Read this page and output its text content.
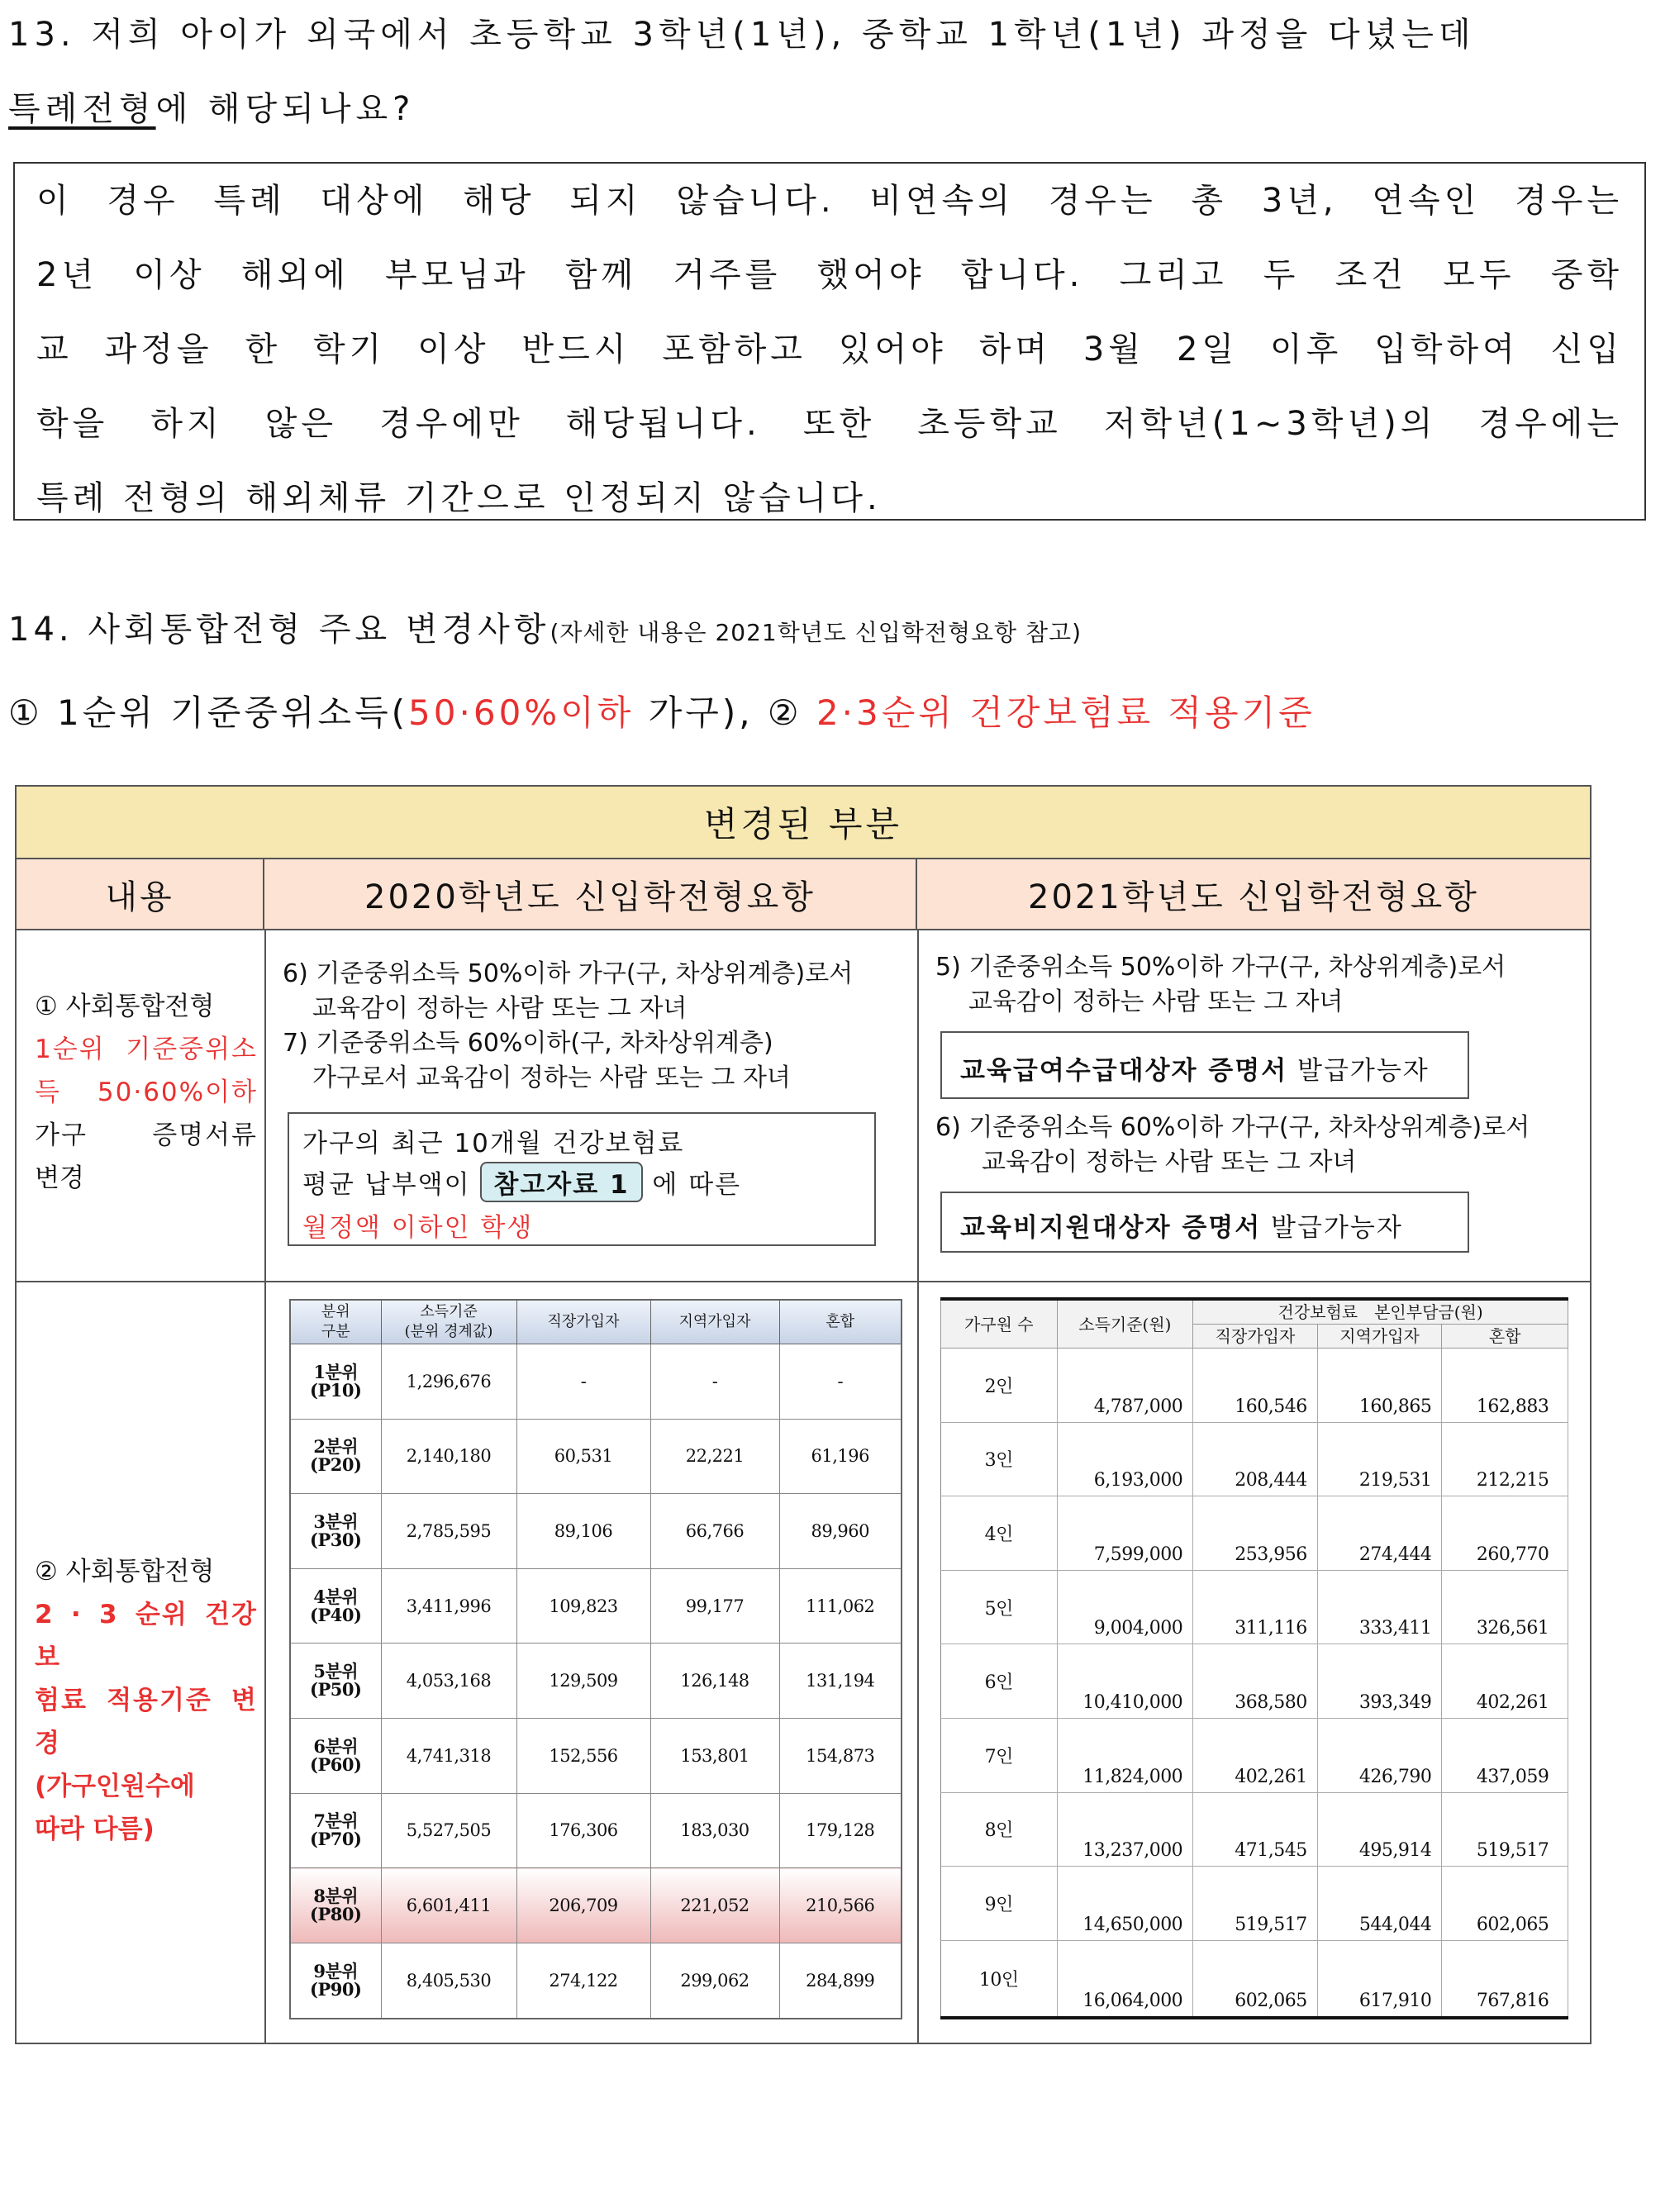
13. 저희 아이가 외국에서 초등학교 3학년(1년), 중학교 1학년(1년) 과정을 다녔는데
특례전형에 해당되나요?
이 경우 특례 대상에 해당 되지 않습니다. 비연속의 경우는 총 3년, 연속인 경우는
2년 이상 해외에 부모님과 함께 거주를 했어야 합니다. 그리고 두 조건 모두 중학
교 과정을 한 학기 이상 반드시 포함하고 있어야 하며 3월 2일 이후 입학하여 신입
학을 하지 않은 경우에만 해당됩니다. 또한 초등학교 저학년(1~3학년)의 경우에는
특례 전형의 해외체류 기간으로 인정되지 않습니다.
14. 사회통합전형 주요 변경사항(자세한 내용은 2021학년도 신입학전형요항 참고)
① 1순위 기준중위소득(50·60%이하 가구), ② 2·3순위 건강보험료 적용기준
변경된 부분
내용	2020학년도 신입학전형요항	2021학년도 신입학전형요항
① 사회통합전형
1순위 기준중위소
득 50·60%이하
가구	증명서류
변경
6) 기준중위소득 50%이하 가구(구, 차상위계층)로서
교육감이 정하는 사람 또는 그 자녀
7) 기준중위소득 60%이하(구, 차차상위계층)
가구로서 교육감이 정하는 사람 또는 그 자녀
가구의 최근 10개월 건강보험료
평균 납부액이 참고자료 1 에 따른
월정액 이하인 학생
5) 기준중위소득 50%이하 가구(구, 차상위계층)로서
교육감이 정하는 사람 또는 그 자녀
교육급여수급대상자 증명서 발급가능자
6) 기준중위소득 60%이하 가구(구, 차차상위계층)로서
교육감이 정하는 사람 또는 그 자녀
교육비지원대상자 증명서 발급가능자
② 사회통합전형
2 · 3 순위 건강보
험료 적용기준 변경
(가구인원수에
따라 다름)
분위
구분	소득기준
(분위 경계값)	직장가입자	지역가입자	혼합
1분위
(P10)	1,296,676	-	-	-
2분위
(P20)	2,140,180	60,531	22,221	61,196
3분위
(P30)	2,785,595	89,106	66,766	89,960
4분위
(P40)	3,411,996	109,823	99,177	111,062
5분위
(P50)	4,053,168	129,509	126,148	131,194
6분위
(P60)	4,741,318	152,556	153,801	154,873
7분위
(P70)	5,527,505	176,306	183,030	179,128
8분위
(P80)	6,601,411	206,709	221,052	210,566
9분위
(P90)	8,405,530	274,122	299,062	284,899
가구원 수	소득기준(원)	건강보험료　본인부담금(원)		
		직장가입자	지역가입자	혼합
2인	4,787,000	160,546	160,865	162,883
3인	6,193,000	208,444	219,531	212,215
4인	7,599,000	253,956	274,444	260,770
5인	9,004,000	311,116	333,411	326,561
6인	10,410,000	368,580	393,349	402,261
7인	11,824,000	402,261	426,790	437,059
8인	13,237,000	471,545	495,914	519,517
9인	14,650,000	519,517	544,044	602,065
10인	16,064,000	602,065	617,910	767,816
